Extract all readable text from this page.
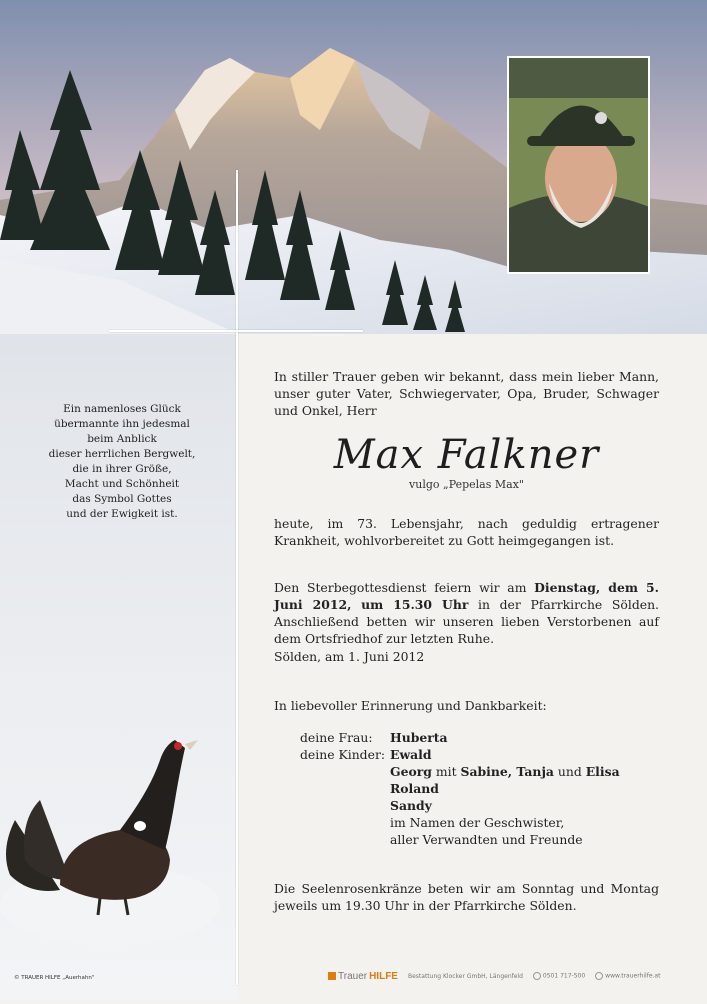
Ein namenloses Glück
übermannte ihn jedesmal
beim Anblick
dieser herrlichen Bergwelt,
die in ihrer Größe,
Macht und Schönheit
das Symbol Gottes
und der Ewigkeit ist.
© TRAUER HILFE „Auerhahn"
In stiller Trauer geben wir bekannt, dass mein lieber Mann, unser guter Vater, Schwiegervater, Opa, Bruder, Schwager und Onkel, Herr
Max Falkner
vulgo „Pepelas Max"
heute, im 73. Lebensjahr, nach geduldig ertragener Krankheit, wohlvorbereitet zu Gott heimgegangen ist.
Den Sterbegottesdienst feiern wir am Dienstag, dem 5. Juni 2012, um 15.30 Uhr in der Pfarrkirche Sölden. Anschließend betten wir unseren lieben Verstorbenen auf dem Ortsfriedhof zur letzten Ruhe.
Sölden, am 1. Juni 2012
In liebevoller Erinnerung und Dankbarkeit:
deine Frau:	Huberta
deine Kinder: Ewald
Georg mit Sabine, Tanja und Elisa
Roland
Sandy
im Namen der Geschwister,
aller Verwandten und Freunde
Die Seelenrosenkränze beten wir am Sonntag und Montag jeweils um 19.30 Uhr in der Pfarrkirche Sölden.
Trauer HILFE Bestattung Klocker GmbH, Längenfeld	0501 717-500	www.trauerhilfe.at
